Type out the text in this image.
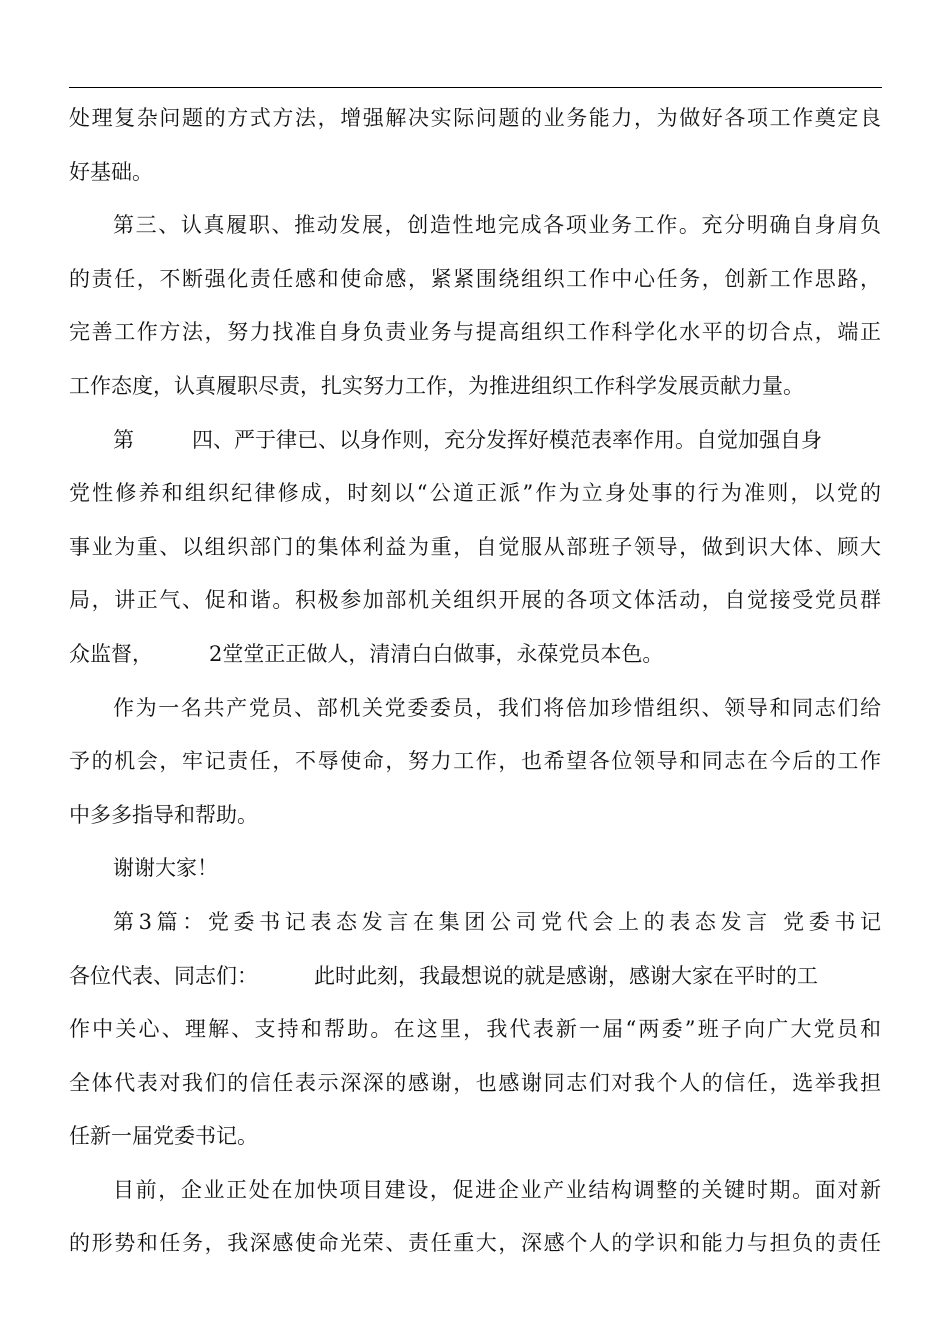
处理复杂问题的方式方法，增强解决实际问题的业务能力，为做好各项工作奠定良
好基础。
第三、认真履职、推动发展，创造性地完成各项业务工作。充分明确自身肩负
的责任，不断强化责任感和使命感，紧紧围绕组织工作中心任务，创新工作思路，
完善工作方法，努力找准自身负责业务与提高组织工作科学化水平的切合点，端正
工作态度，认真履职尽责，扎实努力工作，为推进组织工作科学发展贡献力量。
第	四、严于律已、以身作则，充分发挥好模范表率作用。自觉加强自身
党性修养和组织纪律修成，时刻以“公道正派”作为立身处事的行为准则，以党的
事业为重、以组织部门的集体利益为重，自觉服从部班子领导，做到识大体、顾大
局，讲正气、促和谐。积极参加部机关组织开展的各项文体活动，自觉接受党员群
众监督，	2堂堂正正做人，清清白白做事，永葆党员本色。
作为一名共产党员、部机关党委委员，我们将倍加珍惜组织、领导和同志们给
予的机会，牢记责任，不辱使命，努力工作，也希望各位领导和同志在今后的工作
中多多指导和帮助。
谢谢大家！
第3篇：党委书记表态发言在集团公司党代会上的表态发言 党委书记
各位代表、同志们：	此时此刻，我最想说的就是感谢，感谢大家在平时的工
作中关心、理解、支持和帮助。在这里，我代表新一届“两委”班子向广大党员和
全体代表对我们的信任表示深深的感谢，也感谢同志们对我个人的信任，选举我担
任新一届党委书记。
目前，企业正处在加快项目建设，促进企业产业结构调整的关键时期。面对新
的形势和任务，我深感使命光荣、责任重大，深感个人的学识和能力与担负的责任
